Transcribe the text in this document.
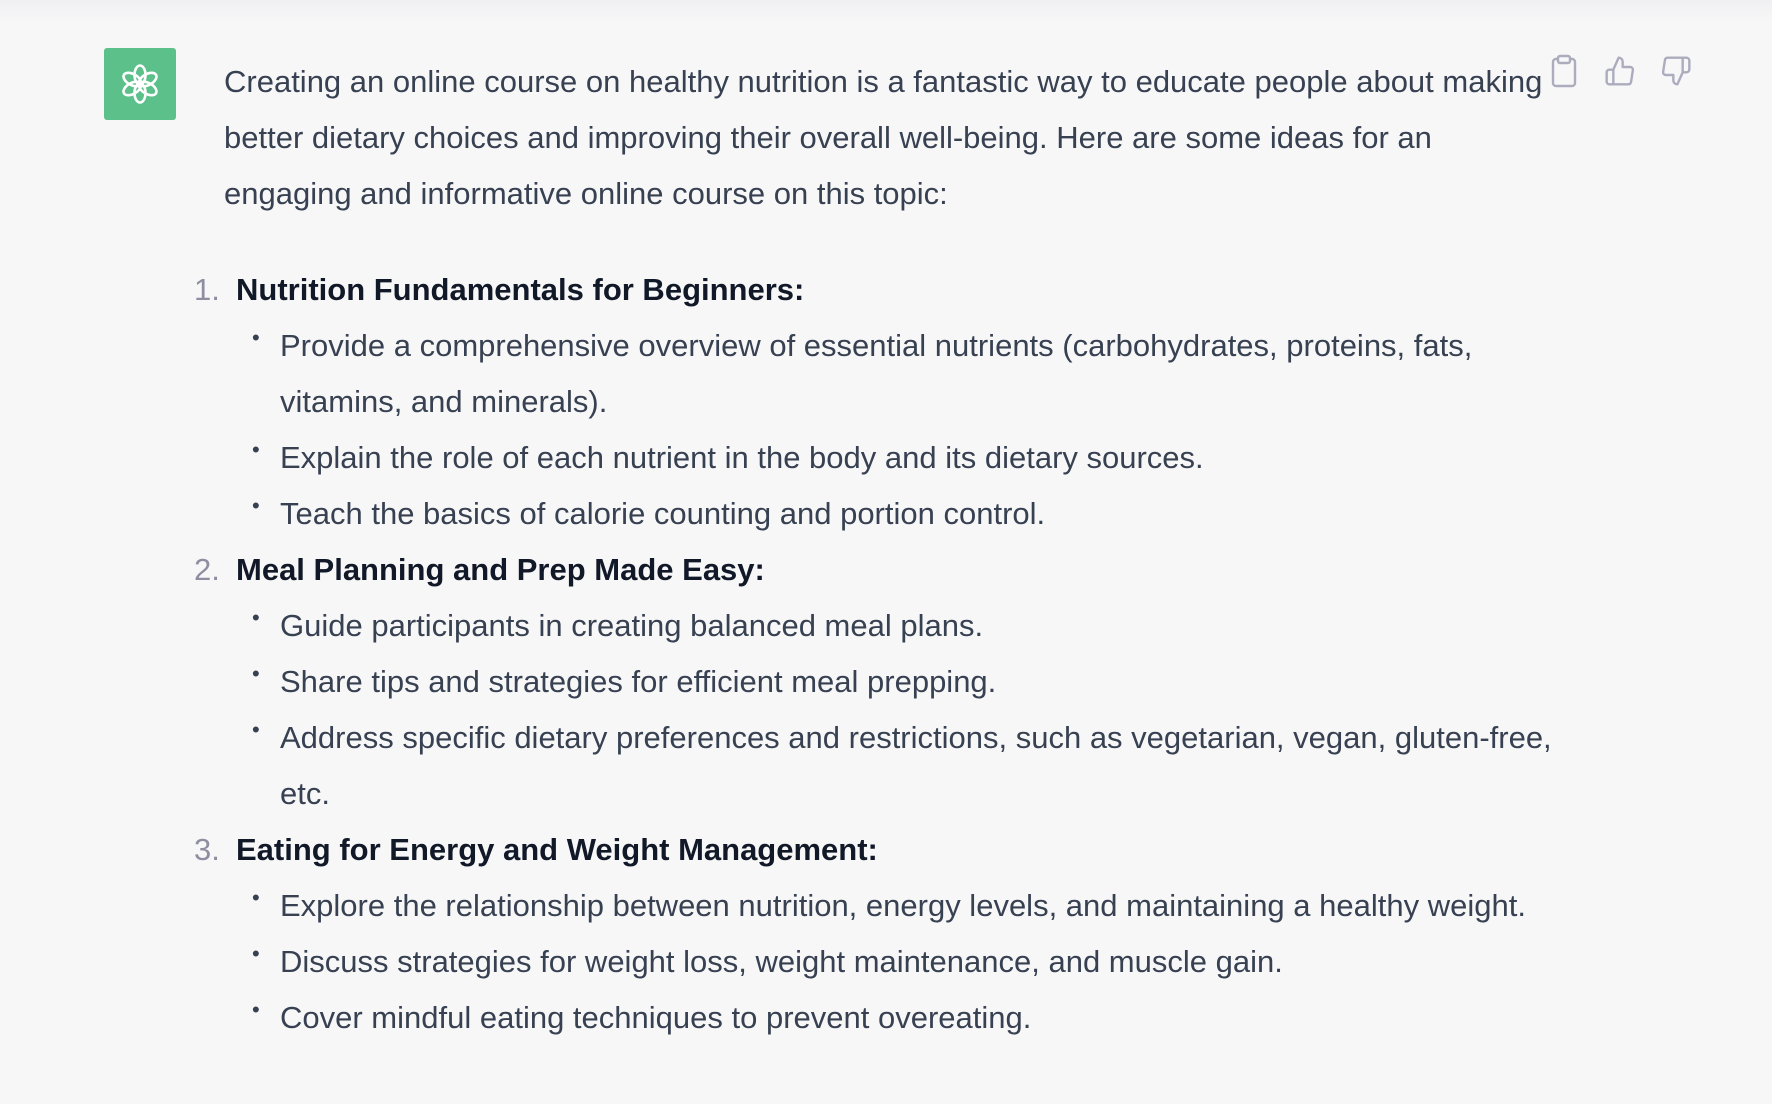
Creating an online course on healthy nutrition is a fantastic way to educate people about making better dietary choices and improving their overall well-being. Here are some ideas for an engaging and informative online course on this topic:

1. Nutrition Fundamentals for Beginners:
• Provide a comprehensive overview of essential nutrients (carbohydrates, proteins, fats, vitamins, and minerals).
• Explain the role of each nutrient in the body and its dietary sources.
• Teach the basics of calorie counting and portion control.
2. Meal Planning and Prep Made Easy:
• Guide participants in creating balanced meal plans.
• Share tips and strategies for efficient meal prepping.
• Address specific dietary preferences and restrictions, such as vegetarian, vegan, gluten-free, etc.
3. Eating for Energy and Weight Management:
• Explore the relationship between nutrition, energy levels, and maintaining a healthy weight.
• Discuss strategies for weight loss, weight maintenance, and muscle gain.
• Cover mindful eating techniques to prevent overeating.
